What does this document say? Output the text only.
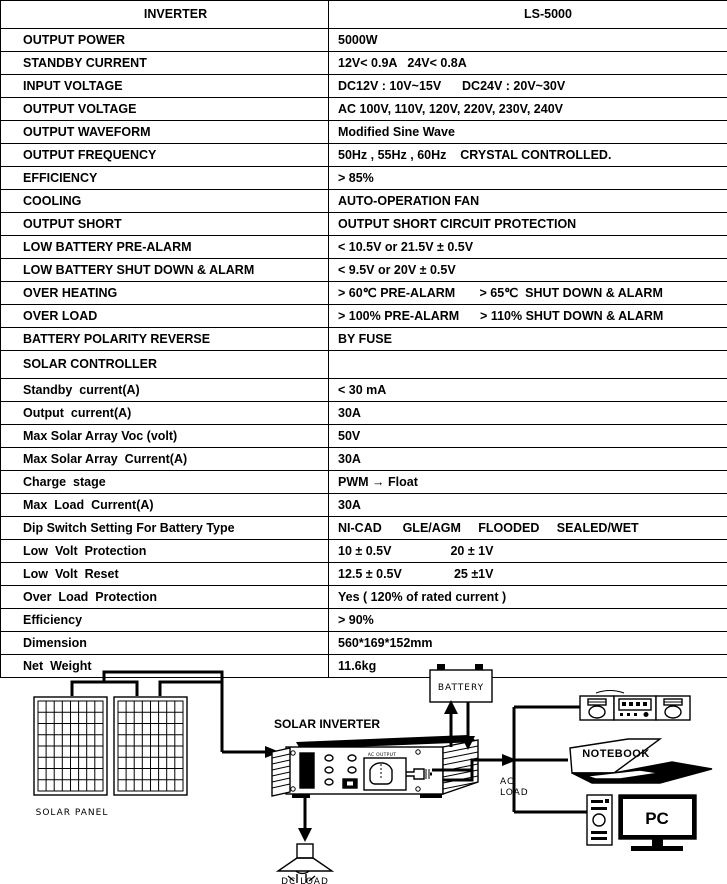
INVERTER	LS-5000
OUTPUT POWER	5000W
STANDBY CURRENT	12V< 0.9A   24V< 0.8A
INPUT VOLTAGE	DC12V : 10V~15V      DC24V : 20V~30V
OUTPUT VOLTAGE	AC 100V, 110V, 120V, 220V, 230V, 240V
OUTPUT WAVEFORM	Modified Sine Wave
OUTPUT FREQUENCY	50Hz , 55Hz , 60Hz    CRYSTAL CONTROLLED.
EFFICIENCY	> 85%
COOLING	AUTO-OPERATION FAN
OUTPUT SHORT	OUTPUT SHORT CIRCUIT PROTECTION
LOW BATTERY PRE-ALARM	< 10.5V or 21.5V ± 0.5V
LOW BATTERY SHUT DOWN & ALARM	< 9.5V or 20V ± 0.5V
OVER HEATING	> 60℃ PRE-ALARM       > 65℃  SHUT DOWN & ALARM
OVER LOAD	> 100% PRE-ALARM      > 110% SHUT DOWN & ALARM
BATTERY POLARITY REVERSE	BY FUSE
SOLAR CONTROLLER	
Standby  current(A)	< 30 mA
Output  current(A)	30A
Max Solar Array Voc (volt)	50V
Max Solar Array  Current(A)	30A
Charge  stage	PWM → Float
Max  Load  Current(A)	30A
Dip Switch Setting For Battery Type	NI-CAD      GLE/AGM     FLOODED     SEALED/WET
Low  Volt  Protection	10 ± 0.5V                 20 ± 1V
Low  Volt  Reset	12.5 ± 0.5V               25 ±1V
Over  Load  Protection	Yes ( 120% of rated current )
Efficiency	> 90%
Dimension	560*169*152mm
Net  Weight	11.6kg
SOLAR PANEL
SOLAR INVERTER
AC OUTPUT
BATTERY
DC LOAD
AC
LOAD
NOTEBOOK
PC
